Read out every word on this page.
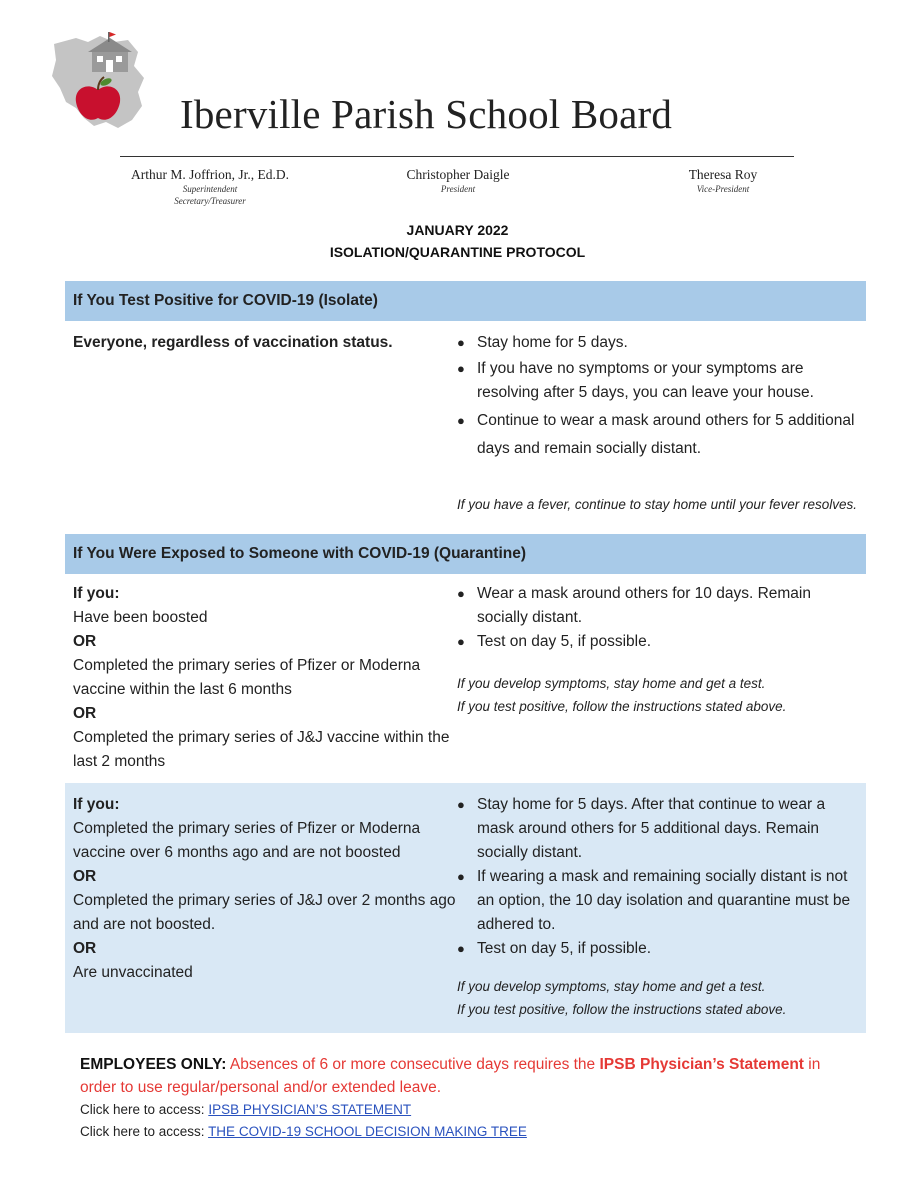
Iberville Parish School Board
Arthur M. Joffrion, Jr., Ed.D.
Superintendent
Secretary/Treasurer
Christopher Daigle
President
Theresa Roy
Vice-President
JANUARY 2022
ISOLATION/QUARANTINE PROTOCOL
If You Test Positive for COVID-19 (Isolate)
Everyone, regardless of vaccination status.
●	Stay home for 5 days.
● If you have no symptoms or your symptoms are resolving after 5 days, you can leave your house.
● Continue to wear a mask around others for 5 additional days and remain socially distant.
If you have a fever, continue to stay home until your fever resolves.
If You Were Exposed to Someone with COVID-19 (Quarantine)
If you:
Have been boosted
OR
Completed the primary series of Pfizer or Moderna vaccine within the last 6 months
OR
Completed the primary series of J&J vaccine within the last 2 months
● Wear a mask around others for 10 days. Remain socially distant.
● Test on day 5, if possible.
If you develop symptoms, stay home and get a test.
If you test positive, follow the instructions stated above.
If you:
Completed the primary series of Pfizer or Moderna vaccine over 6 months ago and are not boosted
OR
Completed the primary series of J&J over 2 months ago and are not boosted.
OR
Are unvaccinated
● Stay home for 5 days. After that continue to wear a mask around others for 5 additional days. Remain socially distant.
● If wearing a mask and remaining socially distant is not an option, the 10 day isolation and quarantine must be adhered to.
● Test on day 5, if possible.
If you develop symptoms, stay home and get a test.
If you test positive, follow the instructions stated above.
EMPLOYEES ONLY: Absences of 6 or more consecutive days requires the IPSB Physician’s Statement in order to use regular/personal and/or extended leave.
Click here to access: IPSB PHYSICIAN’S STATEMENT
Click here to access: THE COVID-19 SCHOOL DECISION MAKING TREE
